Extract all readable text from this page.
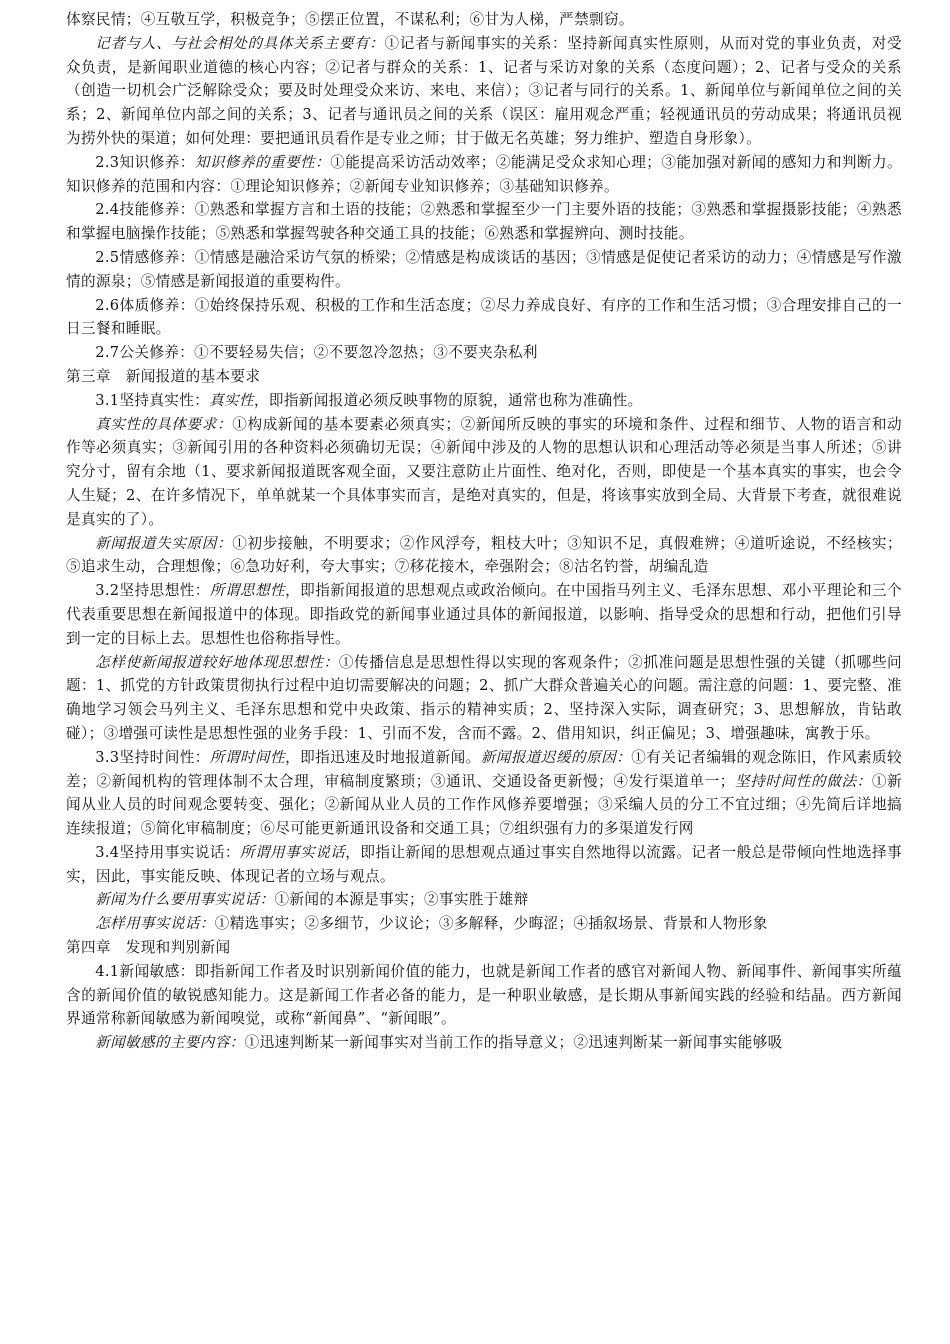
体察民情；④互敬互学，积极竞争；⑤摆正位置，不谋私利；⑥甘为人梯，严禁剽窃。

记者与人、与社会相处的具体关系主要有：①记者与新闻事实的关系：坚持新闻真实性原则，从而对党的事业负责，对受众负责，是新闻职业道德的核心内容；②记者与群众的关系：1、记者与采访对象的关系（态度问题）；2、记者与受众的关系（创造一切机会广泛解除受众；要及时处理受众来访、来电、来信）；③记者与同行的关系。1、新闻单位与新闻单位之间的关系；2、新闻单位内部之间的关系；3、记者与通讯员之间的关系（误区：雇用观念严重；轻视通讯员的劳动成果；将通讯员视为捞外快的渠道；如何处理：要把通讯员看作是专业之师；甘于做无名英雄；努力维护、塑造自身形象）。

2.3知识修养：知识修养的重要性：①能提高采访活动效率；②能满足受众求知心理；③能加强对新闻的感知力和判断力。知识修养的范围和内容：①理论知识修养；②新闻专业知识修养；③基础知识修养。

2.4技能修养：①熟悉和掌握方言和土语的技能；②熟悉和掌握至少一门主要外语的技能；③熟悉和掌握摄影技能；④熟悉和掌握电脑操作技能；⑤熟悉和掌握驾驶各种交通工具的技能；⑥熟悉和掌握辨向、测时技能。

2.5情感修养：①情感是融洽采访气氛的桥梁；②情感是构成谈话的基因；③情感是促使记者采访的动力；④情感是写作激情的源泉；⑤情感是新闻报道的重要构件。

2.6体质修养：①始终保持乐观、积极的工作和生活态度；②尽力养成良好、有序的工作和生活习惯；③合理安排自己的一日三餐和睡眠。

2.7公关修养：①不要轻易失信；②不要忽冷忽热；③不要夹杂私利

第三章　新闻报道的基本要求

3.1坚持真实性：真实性，即指新闻报道必须反映事物的原貌，通常也称为准确性。

真实性的具体要求：①构成新闻的基本要素必须真实；②新闻所反映的事实的环境和条件、过程和细节、人物的语言和动作等必须真实；③新闻引用的各种资料必须确切无误；④新闻中涉及的人物的思想认识和心理活动等必须是当事人所述；⑤讲究分寸，留有余地（1、要求新闻报道既客观全面，又要注意防止片面性、绝对化，否则，即使是一个基本真实的事实，也会令人生疑；2、在许多情况下，单单就某一个具体事实而言，是绝对真实的，但是，将该事实放到全局、大背景下考查，就很难说是真实的了）。

新闻报道失实原因：①初步接触，不明要求；②作风浮夸，粗枝大叶；③知识不足，真假难辨；④道听途说，不经核实；⑤追求生动，合理想像；⑥急功好利，夸大事实；⑦移花接木，牵强附会；⑧沽名钓誉，胡编乱造

3.2坚持思想性：所谓思想性，即指新闻报道的思想观点或政治倾向。在中国指马列主义、毛泽东思想、邓小平理论和三个代表重要思想在新闻报道中的体现。即指政党的新闻事业通过具体的新闻报道，以影响、指导受众的思想和行动，把他们引导到一定的目标上去。思想性也俗称指导性。

怎样使新闻报道较好地体现思想性：①传播信息是思想性得以实现的客观条件；②抓准问题是思想性强的关键（抓哪些问题：1、抓党的方针政策贯彻执行过程中迫切需要解决的问题；2、抓广大群众普遍关心的问题。需注意的问题：1、要完整、准确地学习领会马列主义、毛泽东思想和党中央政策、指示的精神实质；2、坚持深入实际，调查研究；3、思想解放，肯钻敢碰）；③增强可读性是思想性强的业务手段：1、引而不发，含而不露。2、借用知识，纠正偏见；3、增强趣味，寓教于乐。

3.3坚持时间性：所谓时间性，即指迅速及时地报道新闻。新闻报道迟缓的原因：①有关记者编辑的观念陈旧，作风素质较差；②新闻机构的管理体制不太合理，审稿制度繁琐；③通讯、交通设备更新慢；④发行渠道单一；坚持时间性的做法：①新闻从业人员的时间观念要转变、强化；②新闻从业人员的工作作风修养要增强；③采编人员的分工不宜过细；④先简后详地搞连续报道；⑤简化审稿制度；⑥尽可能更新通讯设备和交通工具；⑦组织强有力的多渠道发行网

3.4坚持用事实说话：所谓用事实说话，即指让新闻的思想观点通过事实自然地得以流露。记者一般总是带倾向性地选择事实，因此，事实能反映、体现记者的立场与观点。

新闻为什么要用事实说话：①新闻的本源是事实；②事实胜于雄辩

怎样用事实说话：①精选事实；②多细节，少议论；③多解释，少晦涩；④插叙场景、背景和人物形象

第四章　发现和判别新闻

4.1新闻敏感：即指新闻工作者及时识别新闻价值的能力，也就是新闻工作者的感官对新闻人物、新闻事件、新闻事实所蕴含的新闻价值的敏锐感知能力。这是新闻工作者必备的能力，是一种职业敏感，是长期从事新闻实践的经验和结晶。西方新闻界通常称新闻敏感为新闻嗅觉，或称“新闻鼻”、“新闻眼”。

新闻敏感的主要内容：①迅速判断某一新闻事实对当前工作的指导意义；②迅速判断某一新闻事实能够吸
